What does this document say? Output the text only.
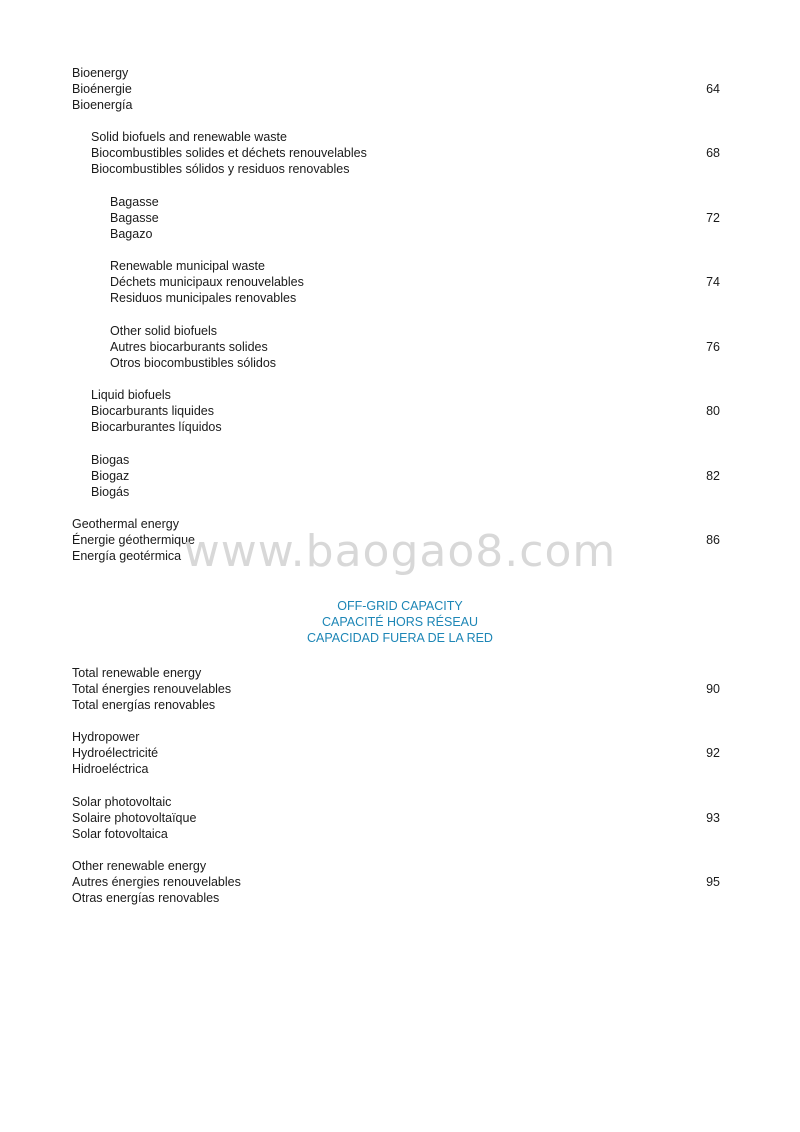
Bioenergy
Bioénergie
Bioenergía
64
Solid biofuels and renewable waste
Biocombustibles solides et déchets renouvelables
Biocombustibles sólidos y residuos renovables
68
Bagasse
Bagasse
Bagazo
72
Renewable municipal waste
Déchets municipaux renouvelables
Residuos municipales renovables
74
Other solid biofuels
Autres biocarburants solides
Otros biocombustibles sólidos
76
Liquid biofuels
Biocarburants liquides
Biocarburantes líquidos
80
Biogas
Biogaz
Biogás
82
Geothermal energy
Énergie géothermique
Energía geotérmica
86
www.baogao8.com
OFF-GRID CAPACITY
CAPACITÉ HORS RÉSEAU
CAPACIDAD FUERA DE LA RED
Total renewable energy
Total énergies renouvelables
Total energías renovables
90
Hydropower
Hydroélectricité
Hidroeléctrica
92
Solar photovoltaic
Solaire photovoltaïque
Solar fotovoltaica
93
Other renewable energy
Autres énergies renouvelables
Otras energías renovables
95
